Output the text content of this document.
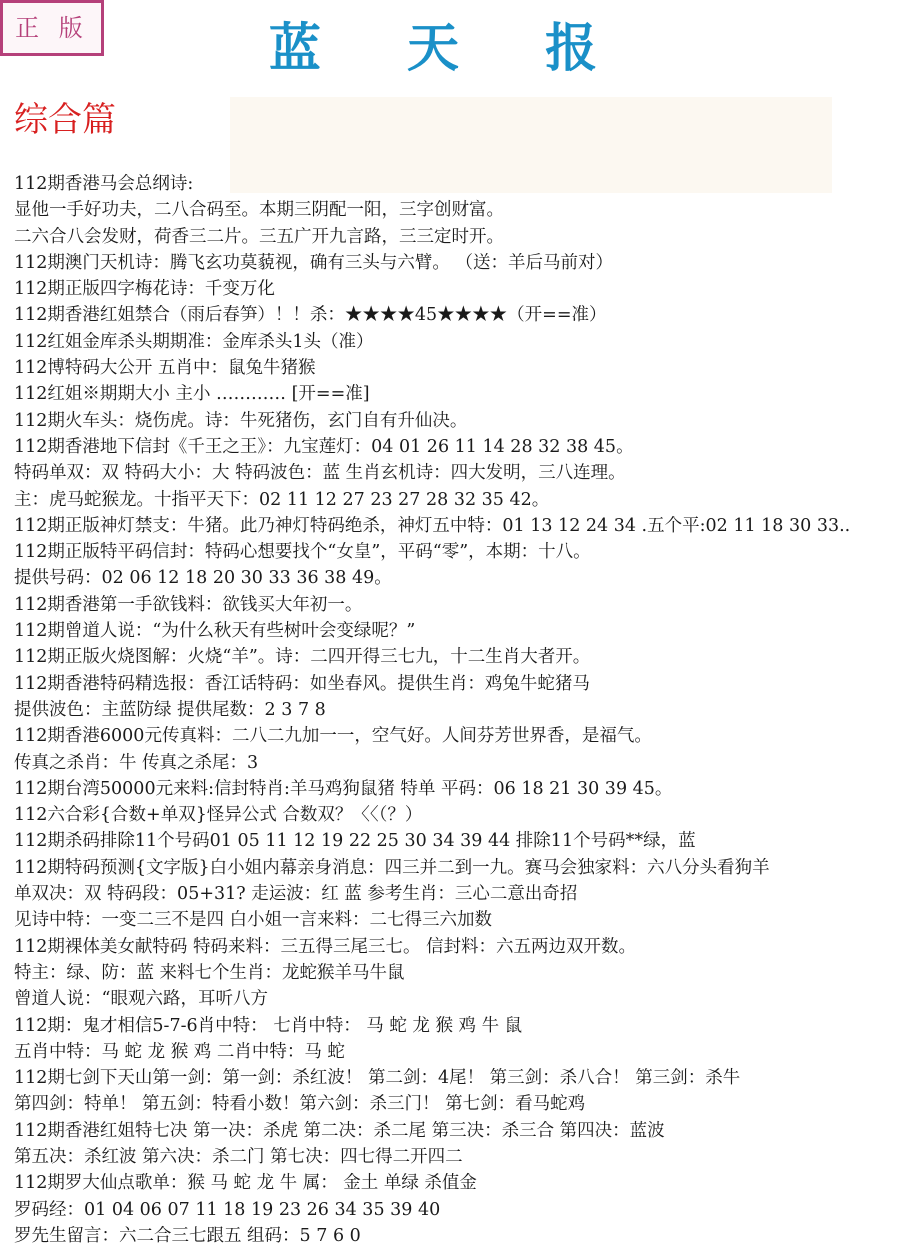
正 版	蓝 天 报
综合篇
112期香港马会总纲诗:
显他一手好功夫，二八合码至。本期三阴配一阳，三字创财富。
二六合八会发财，荷香三二片。三五广开九言路，三三定时开。
112期澳门天机诗：腾飞玄功莫藐视，确有三头与六臂。 （送：羊后马前对）
112期正版四字梅花诗：千变万化
112期香港红姐禁合（雨后春笋）！！杀：★★★★45★★★★（开==准）
112红姐金库杀头期期准：金库杀头1头（准）
112博特码大公开 五肖中：鼠兔牛猪猴
112红姐※期期大小 主小 ………… [开==准]
112期火车头：烧伤虎。诗：牛死猪伤，玄门自有升仙决。
112期香港地下信封《千王之王》：九宝莲灯：04 01 26 11 14 28 32 38 45。
特码单双：双 特码大小：大 特码波色：蓝 生肖玄机诗：四大发明，三八连理。
主：虎马蛇猴龙。十指平天下：02 11 12 27 23 27 28 32 35 42。
112期正版神灯禁支：牛猪。此乃神灯特码绝杀，神灯五中特：01 13 12 24 34 .五个平:02 11 18 30 33..
112期正版特平码信封：特码心想要找个“女皇”，平码“零”，本期：十八。
提供号码：02 06 12 18 20 30 33 36 38 49。
112期香港第一手欲钱料：欲钱买大年初一。
112期曾道人说：“为什么秋天有些树叶会变绿呢？”
112期正版火烧图解：火烧“羊”。诗：二四开得三七九，十二生肖大者开。
112期香港特码精选报：香江话特码：如坐春风。提供生肖：鸡兔牛蛇猪马
提供波色：主蓝防绿 提供尾数：2 3 7 8
112期香港6000元传真料：二八二九加一一，空气好。人间芬芳世界香，是福气。
传真之杀肖：牛 传真之杀尾：3
112期台湾50000元来料:信封特肖:羊马鸡狗鼠猪 特单 平码：06 18 21 30 39 45。
112六合彩{合数+单双}怪异公式 合数双？〈〈（？）
112期杀码排除11个号码01 05 11 12 19 22 25 30 34 39 44 排除11个号码**绿，蓝
112期特码预测{文字版}白小姐内幕亲身消息：四三并二到一九。赛马会独家料：六八分头看狗羊
单双决：双 特码段：05+31? 走运波：红 蓝 参考生肖：三心二意出奇招
见诗中特：一变二三不是四 白小姐一言来料：二七得三六加数
112期裸体美女献特码 特码来料：三五得三尾三七。 信封料：六五两边双开数。
特主：绿、防：蓝 来料七个生肖：龙蛇猴羊马牛鼠
曾道人说：“眼观六路，耳听八方
112期：鬼才相信5-7-6肖中特： 七肖中特： 马 蛇 龙 猴 鸡 牛 鼠
五肖中特：马 蛇 龙 猴 鸡 二肖中特：马 蛇
112期七剑下天山第一剑：第一剑：杀红波！ 第二剑：4尾！ 第三剑：杀八合！ 第三剑：杀牛
第四剑：特单！ 第五剑：特看小数！第六剑：杀三门！ 第七剑：看马蛇鸡
112期香港红姐特七决 第一决：杀虎 第二决：杀二尾 第三决：杀三合 第四决：蓝波
第五决：杀红波 第六决：杀二门 第七决：四七得二开四二
112期罗大仙点歌单：猴 马 蛇 龙 牛 属： 金土 单绿 杀值金
罗码经：01 04 06 07 11 18 19 23 26 34 35 39 40
罗先生留言：六二合三七跟五 组码：5 7 6 0
